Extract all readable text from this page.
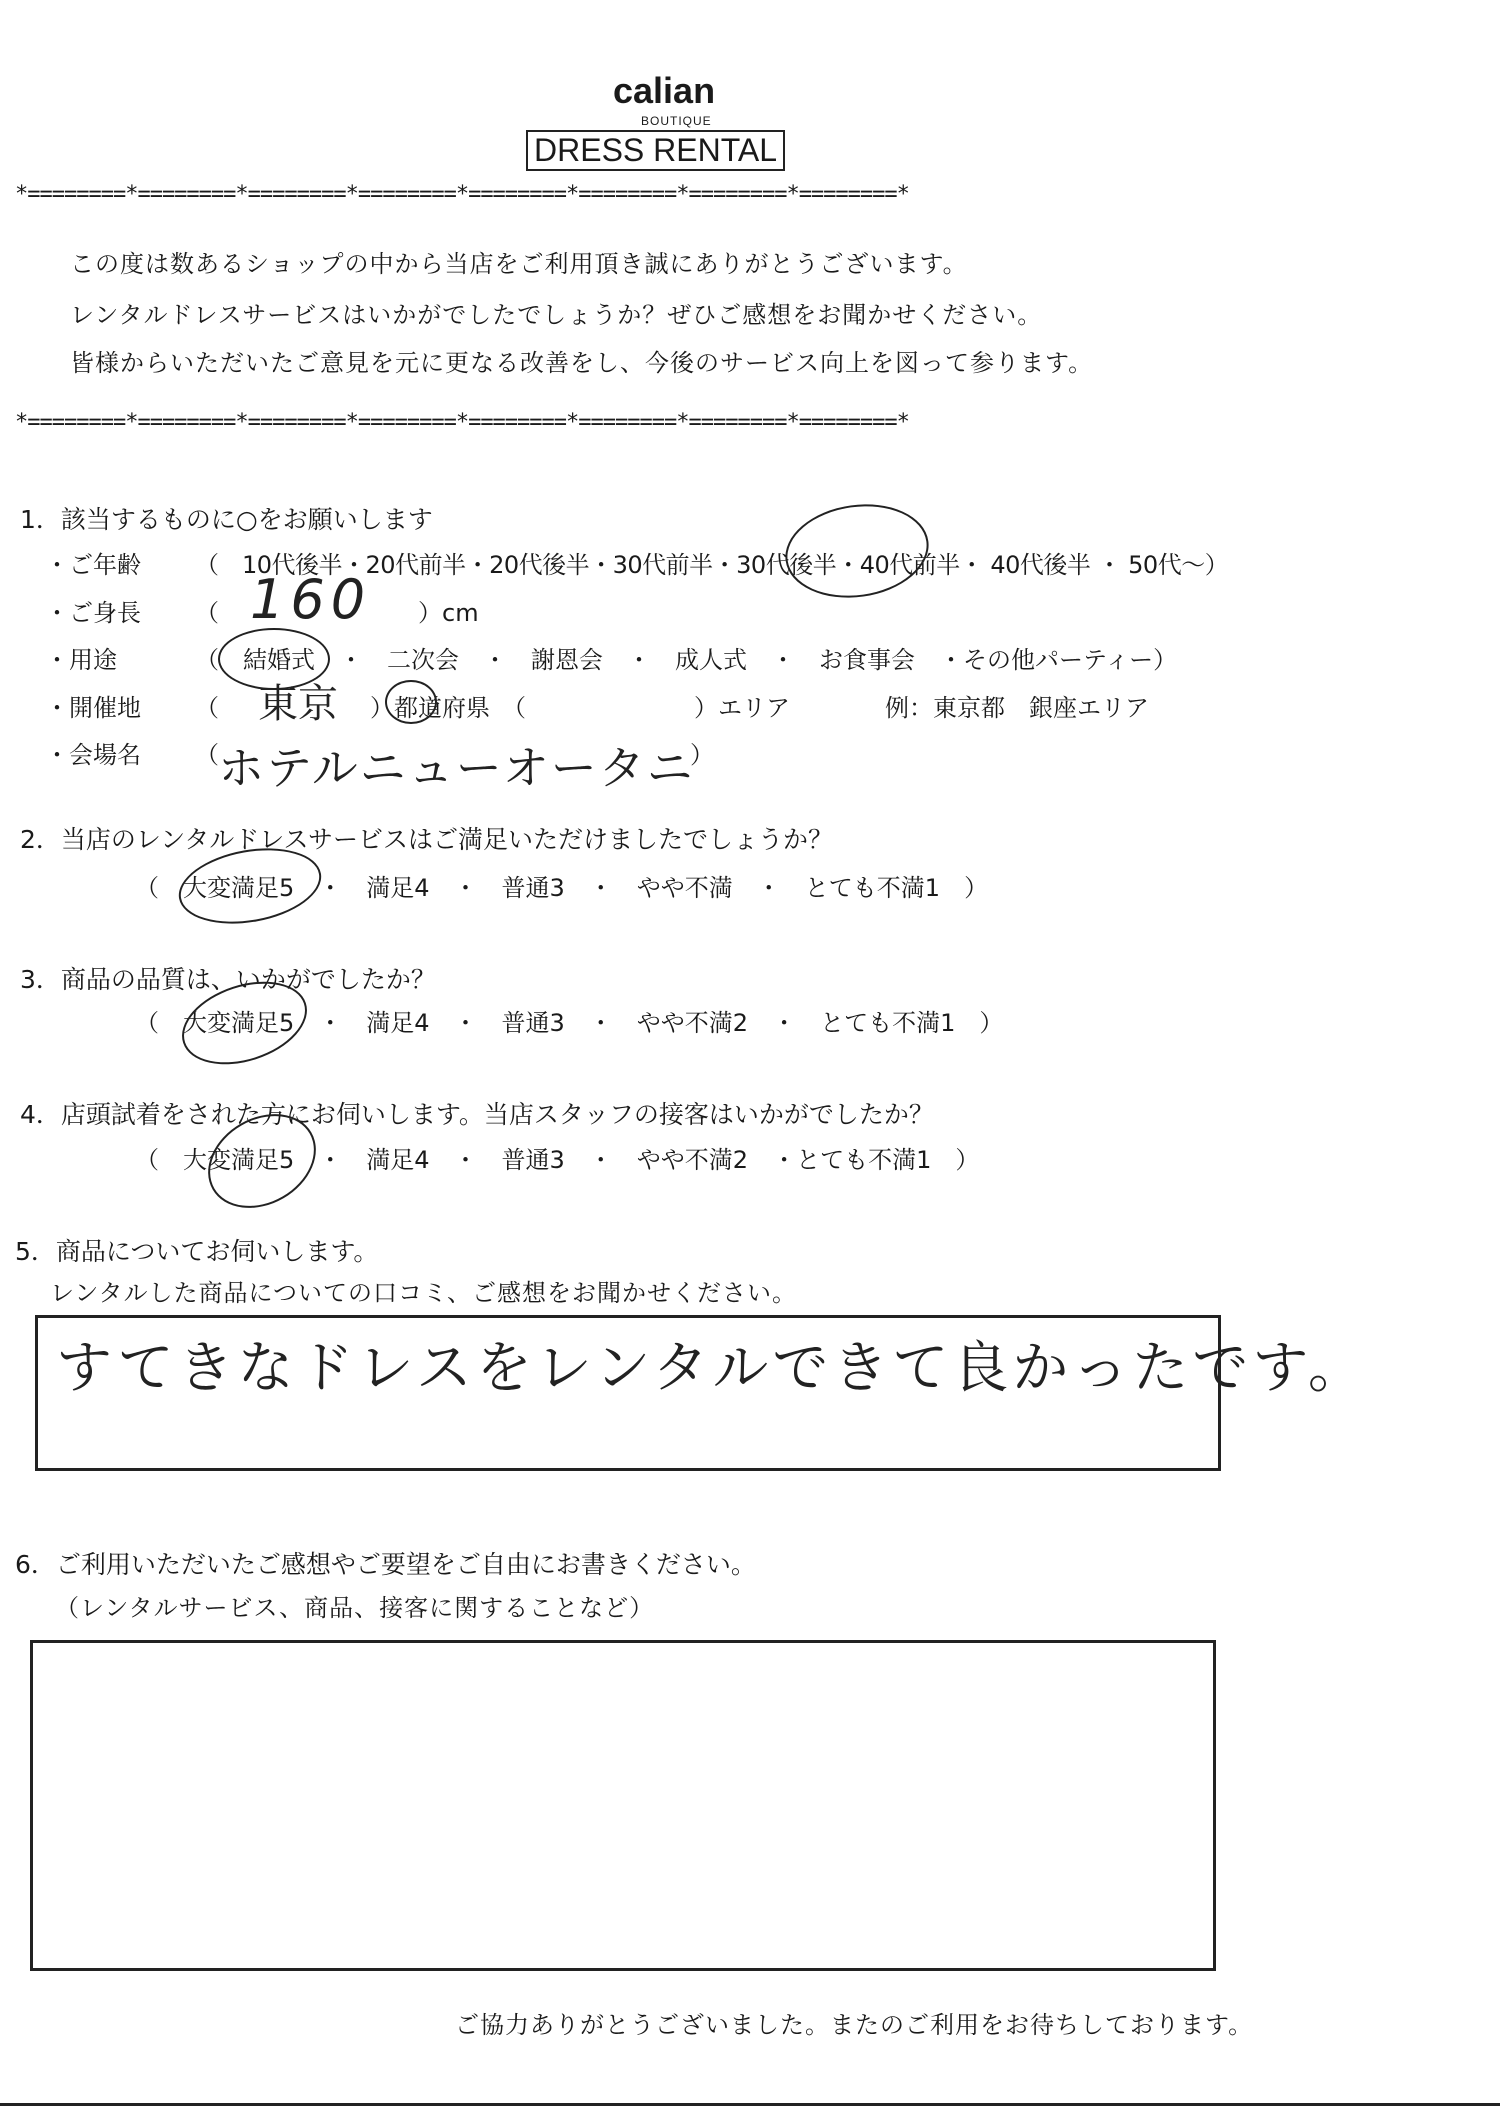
calian
BOUTIQUE
DRESS RENTAL
*========*========*========*========*========*========*========*========*
この度は数あるショップの中から当店をご利用頂き誠にありがとうございます。
レンタルドレスサービスはいかがでしたでしょうか？ぜひご感想をお聞かせください。
皆様からいただいたご意見を元に更なる改善をし、今後のサービス向上を図って参ります。
*========*========*========*========*========*========*========*========*
1．該当するものに○をお願いします
・ご年齢 （　10代後半・20代前半・20代後半・30代前半・30代後半・40代前半・ 40代後半 ・ 50代〜）
・ご身長 （ 160 ）cm
・用途	（　結婚式　・　二次会　・　謝恩会　・　成人式　・　お食事会　・その他パーティー）
・開催地 （ 東京 ）都道府県　（　　　　　　　）エリア	例：東京都　銀座エリア
・会場名 （ ホテルニューオータニ
）
2．当店のレンタルドレスサービスはご満足いただけましたでしょうか？
（　大変満足5　・　満足4　・　普通3　・　やや不満　・　とても不満1　）
3．商品の品質は、いかがでしたか？
（　大変満足5　・　満足4　・　普通3　・　やや不満2　・　とても不満1　）
4．店頭試着をされた方にお伺いします。当店スタッフの接客はいかがでしたか？
（　大変満足5　・　満足4　・　普通3　・　やや不満2　・とても不満1　）
5．商品についてお伺いします。
レンタルした商品についての口コミ、ご感想をお聞かせください。
すてきなドレスをレンタルできて良かったです。
6．ご利用いただいたご感想やご要望をご自由にお書きください。
（レンタルサービス、商品、接客に関することなど）
ご協力ありがとうございました。またのご利用をお待ちしております。
